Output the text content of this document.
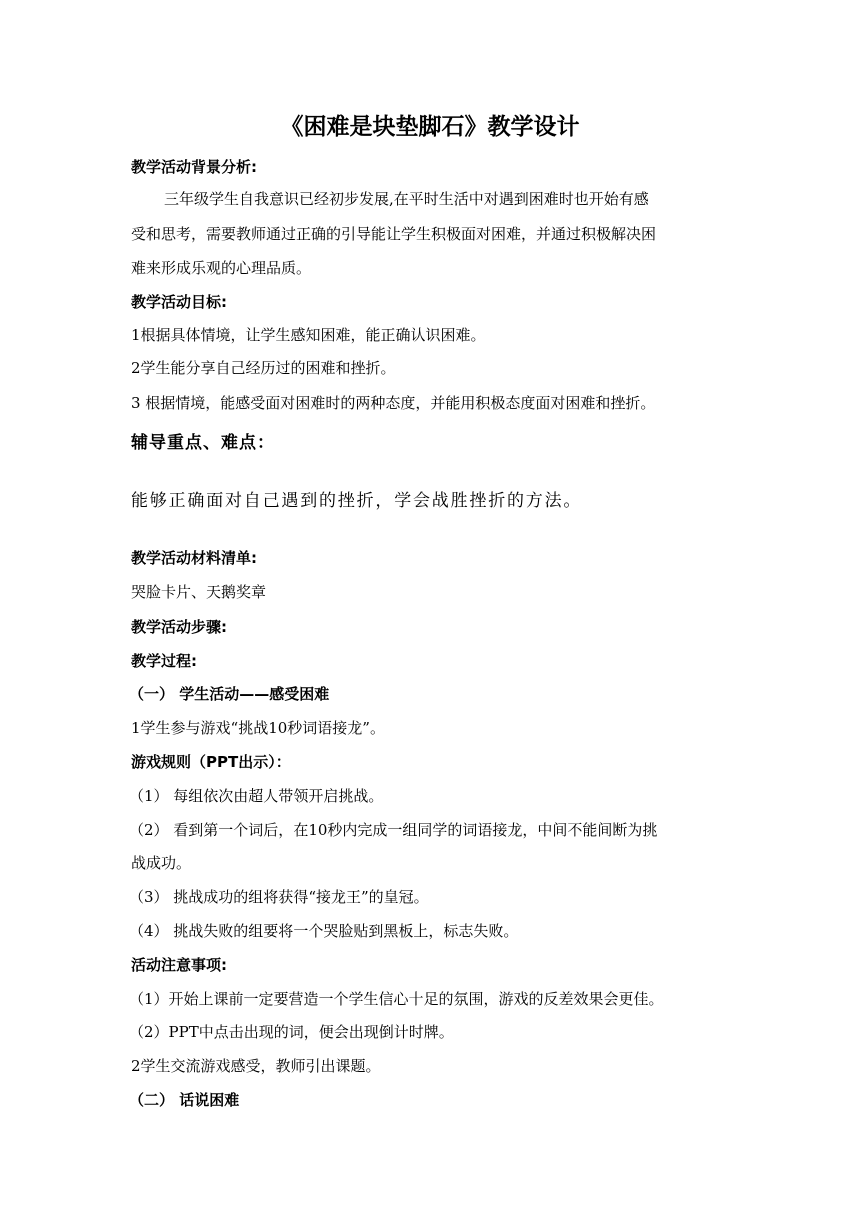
《困难是块垫脚石》教学设计
教学活动背景分析:
三年级学生自我意识已经初步发展,在平时生活中对遇到困难时也开始有感
受和思考，需要教师通过正确的引导能让学生积极面对困难，并通过积极解决困
难来形成乐观的心理品质。
教学活动目标:
1根据具体情境，让学生感知困难，能正确认识困难。
2学生能分享自己经历过的困难和挫折。
3 根据情境，能感受面对困难时的两种态度，并能用积极态度面对困难和挫折。
辅导重点、难点：
能够正确面对自己遇到的挫折，学会战胜挫折的方法。
教学活动材料清单:
哭脸卡片、天鹅奖章
教学活动步骤:
教学过程:
（一） 学生活动——感受困难
1学生参与游戏“挑战10秒词语接龙”。
游戏规则（PPT出示）：
（1） 每组依次由超人带领开启挑战。
（2） 看到第一个词后，在10秒内完成一组同学的词语接龙，中间不能间断为挑
战成功。
（3） 挑战成功的组将获得“接龙王”的皇冠。
（4） 挑战失败的组要将一个哭脸贴到黑板上，标志失败。
活动注意事项:
（1）开始上课前一定要营造一个学生信心十足的氛围，游戏的反差效果会更佳。
（2）PPT中点击出现的词，便会出现倒计时牌。
2学生交流游戏感受，教师引出课题。
（二） 话说困难
